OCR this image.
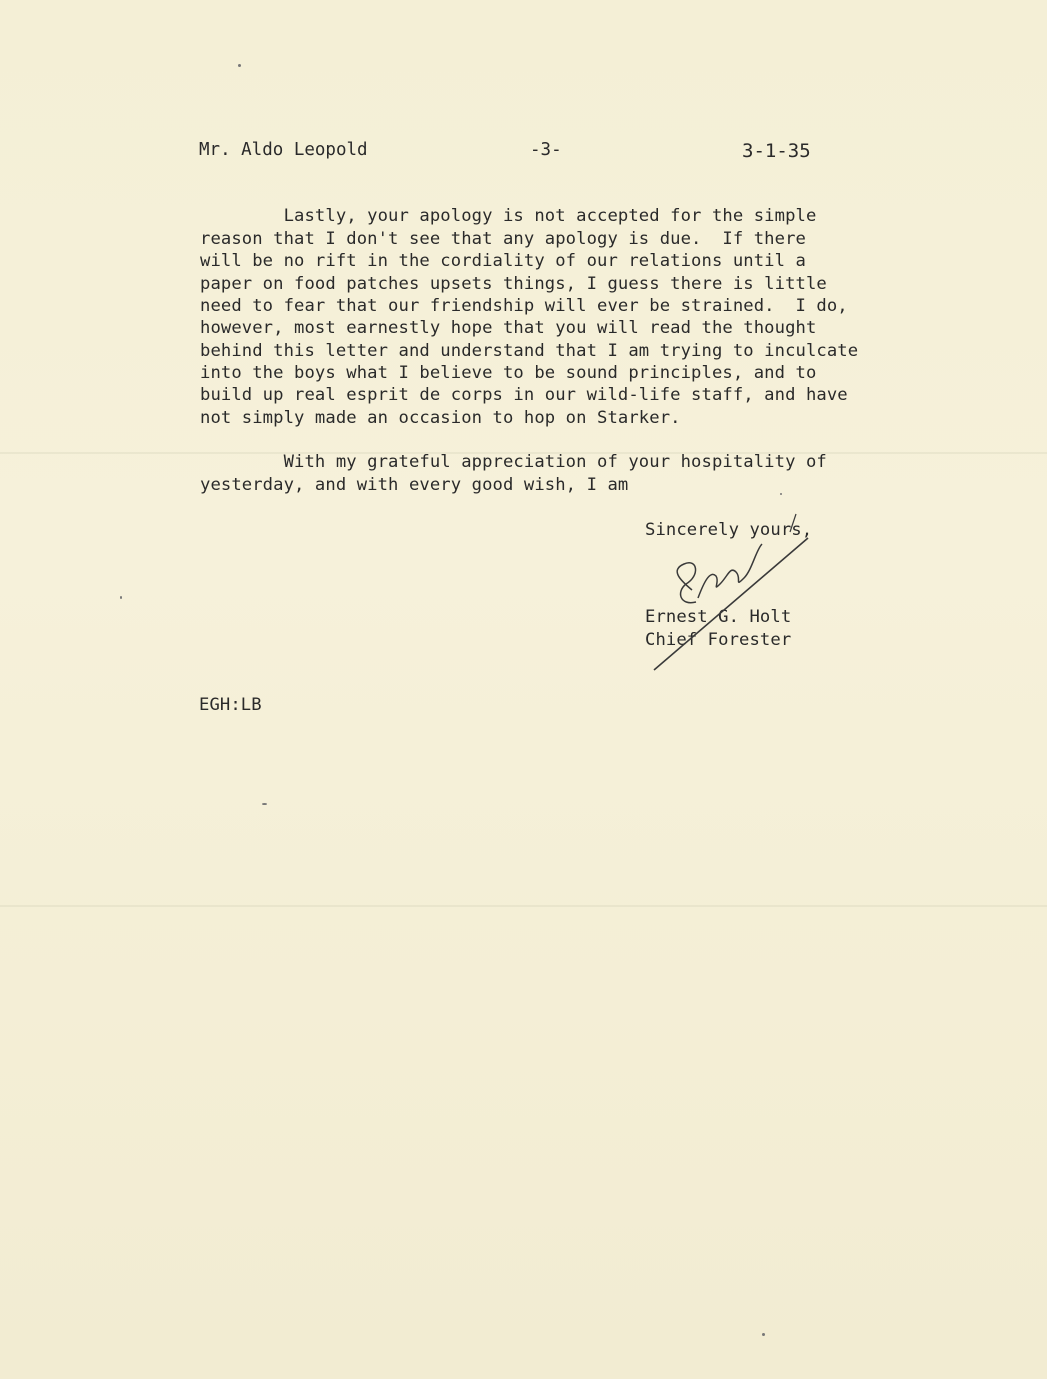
Mr. Aldo Leopold	-3-	3-1-35
Lastly, your apology is not accepted for the simple
reason that I don't see that any apology is due.  If there
will be no rift in the cordiality of our relations until a
paper on food patches upsets things, I guess there is little
need to fear that our friendship will ever be strained.  I do,
however, most earnestly hope that you will read the thought
behind this letter and understand that I am trying to inculcate
into the boys what I believe to be sound principles, and to
build up real esprit de corps in our wild-life staff, and have
not simply made an occasion to hop on Starker.
With my grateful appreciation of your hospitality of
yesterday, and with every good wish, I am
Sincerely yours,
Ernest G. Holt
Chief Forester
EGH:LB
